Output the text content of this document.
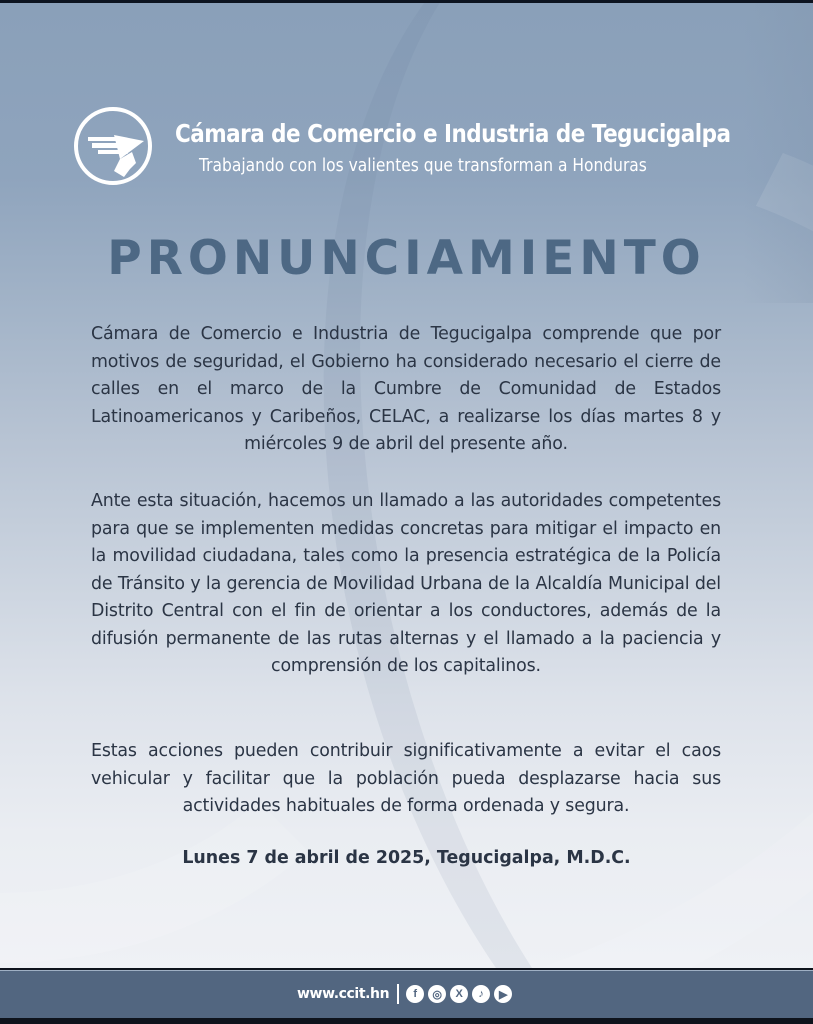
Cámara de Comercio e Industria de Tegucigalpa
Trabajando con los valientes que transforman a Honduras
PRONUNCIAMIENTO
Cámara de Comercio e Industria de Tegucigalpa comprende que por motivos de seguridad, el Gobierno ha considerado necesario el cierre de calles en el marco de la Cumbre de Comunidad de Estados Latinoamericanos y Caribeños, CELAC, a realizarse los días martes 8 y miércoles 9 de abril del presente año.
Ante esta situación, hacemos un llamado a las autoridades competentes para que se implementen medidas concretas para mitigar el impacto en la movilidad ciudadana, tales como la presencia estratégica de la Policía de Tránsito y la gerencia de Movilidad Urbana de la Alcaldía Municipal del Distrito Central con el fin de orientar a los conductores, además de la difusión permanente de las rutas alternas y el llamado a la paciencia y comprensión de los capitalinos.
Estas acciones pueden contribuir significativamente a evitar el caos vehicular y facilitar que la población pueda desplazarse hacia sus actividades habituales de forma ordenada y segura.
Lunes 7 de abril de 2025, Tegucigalpa, M.D.C.
www.ccit.hn	f	◎	X	♪	▶
